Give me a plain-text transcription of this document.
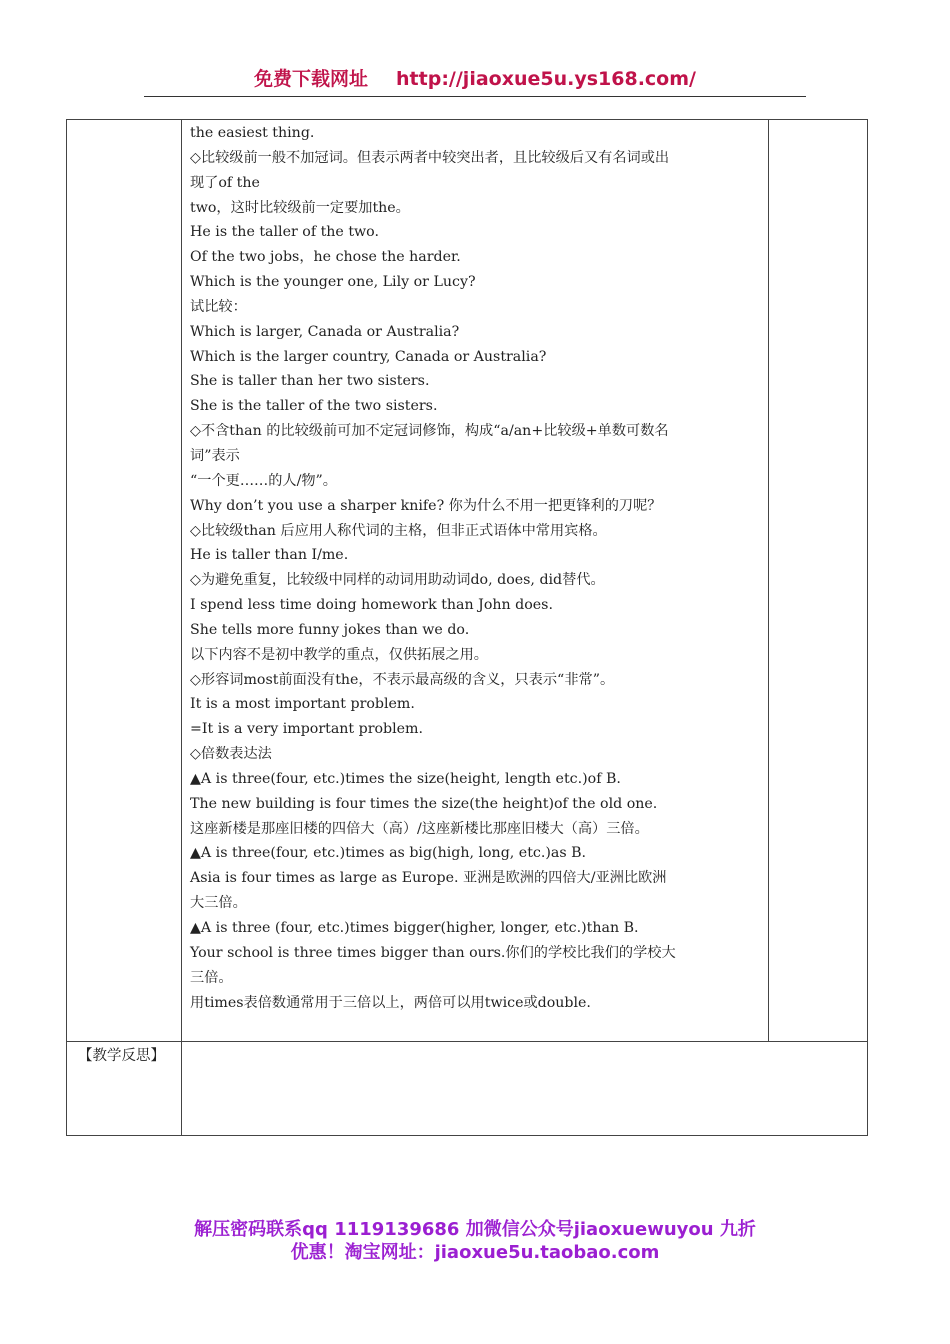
免费下载网址 http://jiaoxue5u.ys168.com/
the easiest thing.
◇比较级前一般不加冠词。但表示两者中较突出者，且比较级后又有名词或出
现了of the
two，这时比较级前一定要加the。
He is the taller of the two.
Of the two jobs，he chose the harder.
Which is the younger one, Lily or Lucy?
试比较：
Which is larger, Canada or Australia?
Which is the larger country, Canada or Australia?
She is taller than her two sisters.
She is the taller of the two sisters.
◇不含than 的比较级前可加不定冠词修饰，构成“a/an+比较级+单数可数名
词”表示
“一个更……的人/物”。
Why don’t you use a sharper knife? 你为什么不用一把更锋利的刀呢？
◇比较级than 后应用人称代词的主格，但非正式语体中常用宾格。
He is taller than I/me.
◇为避免重复，比较级中同样的动词用助动词do, does, did替代。
I spend less time doing homework than John does.
She tells more funny jokes than we do.
以下内容不是初中教学的重点，仅供拓展之用。
◇形容词most前面没有the，不表示最高级的含义，只表示“非常”。
It is a most important problem.
=It is a very important problem.
◇倍数表达法
▲A is three(four, etc.)times the size(height, length etc.)of B.
The new building is four times the size(the height)of the old one.
这座新楼是那座旧楼的四倍大（高）/这座新楼比那座旧楼大（高）三倍。
▲A is three(four, etc.)times as big(high, long, etc.)as B.
Asia is four times as large as Europe. 亚洲是欧洲的四倍大/亚洲比欧洲
大三倍。
▲A is three (four, etc.)times bigger(higher, longer, etc.)than B.
Your school is three times bigger than ours.你们的学校比我们的学校大
三倍。
用times表倍数通常用于三倍以上，两倍可以用twice或double.
【教学反思】
解压密码联系qq 1119139686 加微信公众号jiaoxuewuyou 九折
优惠！淘宝网址：jiaoxue5u.taobao.com
